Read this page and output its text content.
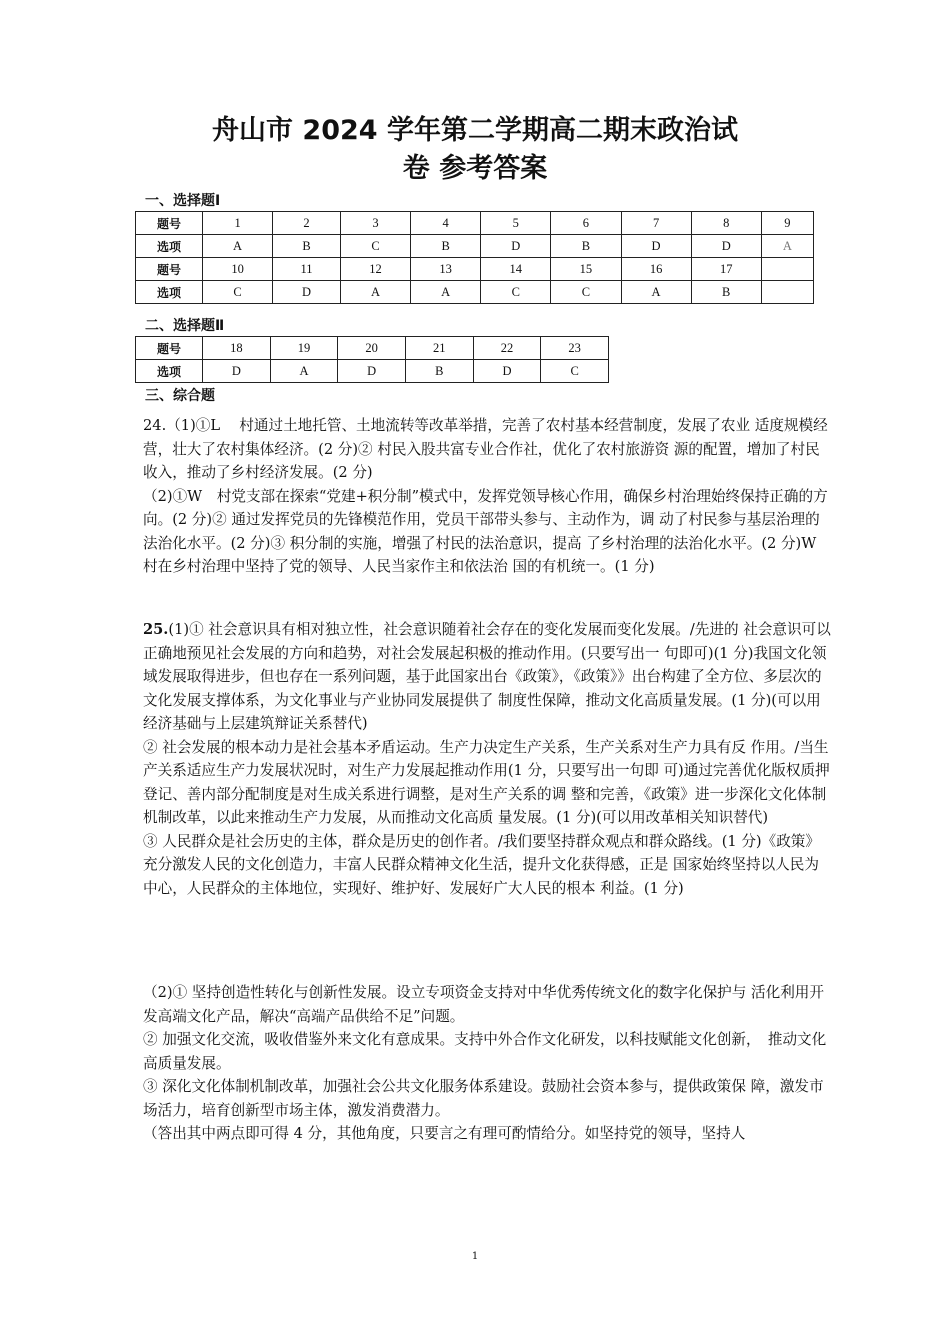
舟山市 2024 学年第二学期高二期末政治试
卷 参考答案
一、选择题Ⅰ
题号	1	2	3	4	5	6	7	8	9
选项	A	B	C	B	D	B	D	D	A
题号	10	11	12	13	14	15	16	17	
选项	C	D	A	A	C	C	A	B	
二、选择题Ⅱ
题号	18	19	20	21	22	23
选项	D	A	D	B	D	C
三、综合题

24.（1)①L　 村通过土地托管、土地流转等改革举措，完善了农村基本经营制度，发展了农业 适度规模经营，壮大了农村集体经济。(2 分)② 村民入股共富专业合作社，优化了农村旅游资 源的配置，增加了村民收入，推动了乡村经济发展。(2 分)

（2)①W　村党支部在探索“党建+积分制”模式中，发挥党领导核心作用，确保乡村治理始终保持正确的方向。(2 分)② 通过发挥党员的先锋模范作用，党员干部带头参与、主动作为，调 动了村民参与基层治理的法治化水平。(2 分)③ 积分制的实施，增强了村民的法治意识，提高 了乡村治理的法治化水平。(2 分)W 村在乡村治理中坚持了党的领导、人民当家作主和依法治 国的有机统一。(1 分)

25.(1)① 社会意识具有相对独立性，社会意识随着社会存在的变化发展而变化发展。/先进的 社会意识可以正确地预见社会发展的方向和趋势，对社会发展起积极的推动作用。(只要写出一 句即可)(1 分)我国文化领域发展取得进步，但也存在一系列问题，基于此国家出台《政策》，《政策》》出台构建了全方位、多层次的文化发展支撑体系，为文化事业与产业协同发展提供了 制度性保障，推动文化高质量发展。(1 分)(可以用经济基础与上层建筑辩证关系替代)

② 社会发展的根本动力是社会基本矛盾运动。生产力决定生产关系，生产关系对生产力具有反 作用。/当生产关系适应生产力发展状况时，对生产力发展起推动作用(1 分，只要写出一句即 可)通过完善优化版权质押登记、善内部分配制度是对生成关系进行调整，是对生产关系的调 整和完善，《政策》进一步深化文化体制机制改革，以此来推动生产力发展，从而推动文化高质 量发展。(1 分)(可以用改革相关知识替代)

③ 人民群众是社会历史的主体，群众是历史的创作者。/我们要坚持群众观点和群众路线。(1 分)《政策》充分激发人民的文化创造力，丰富人民群众精神文化生活，提升文化获得感，正是 国家始终坚持以人民为中心，人民群众的主体地位，实现好、维护好、发展好广大人民的根本 利益。(1 分)

（2)① 坚持创造性转化与创新性发展。设立专项资金支持对中华优秀传统文化的数字化保护与 活化利用开发高端文化产品，解决“高端产品供给不足”问题。

② 加强文化交流，吸收借鉴外来文化有意成果。支持中外合作文化研发，以科技赋能文化创新，　推动文化高质量发展。

③ 深化文化体制机制改革，加强社会公共文化服务体系建设。鼓励社会资本参与，提供政策保 障，激发市场活力，培育创新型市场主体，激发消费潜力。

（答出其中两点即可得 4 分，其他角度，只要言之有理可酌情给分。如坚持党的领导，坚持人

1
